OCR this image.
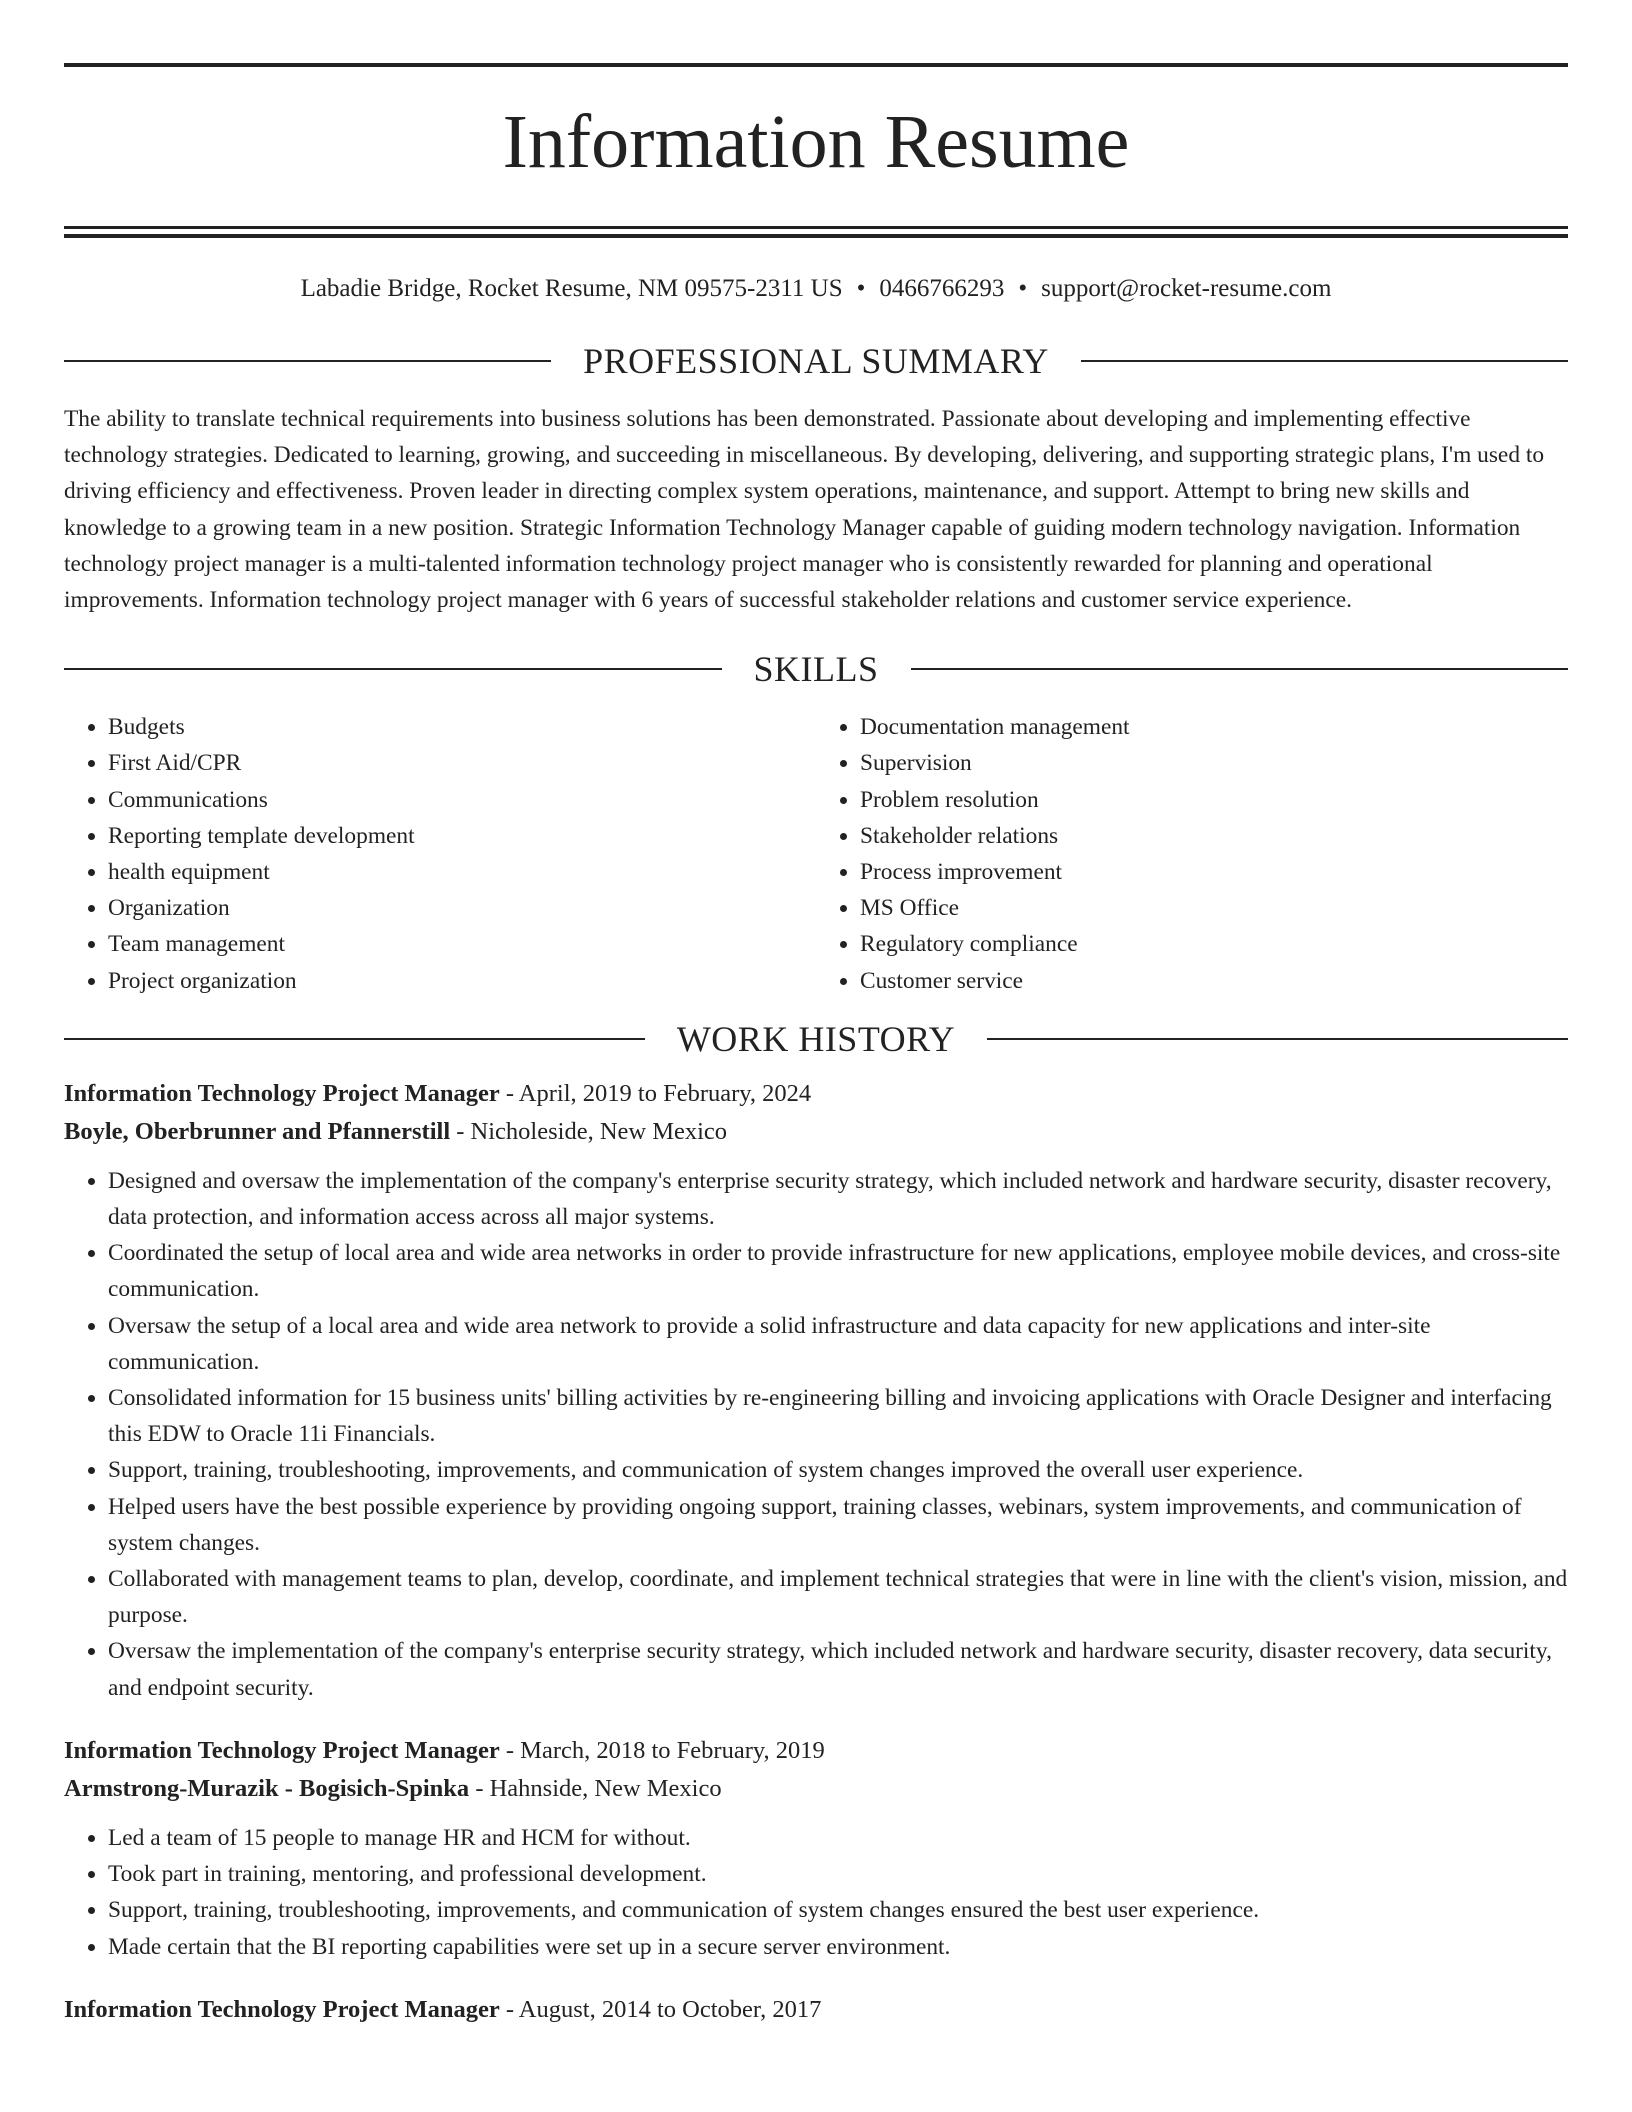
Information Resume
Labadie Bridge, Rocket Resume, NM 09575-2311 US • 0466766293 • support@rocket-resume.com
PROFESSIONAL SUMMARY
The ability to translate technical requirements into business solutions has been demonstrated. Passionate about developing and implementing effective technology strategies. Dedicated to learning, growing, and succeeding in miscellaneous. By developing, delivering, and supporting strategic plans, I'm used to driving efficiency and effectiveness. Proven leader in directing complex system operations, maintenance, and support. Attempt to bring new skills and knowledge to a growing team in a new position. Strategic Information Technology Manager capable of guiding modern technology navigation. Information technology project manager is a multi-talented information technology project manager who is consistently rewarded for planning and operational improvements. Information technology project manager with 6 years of successful stakeholder relations and customer service experience.
SKILLS
• Budgets
• First Aid/CPR
• Communications
• Reporting template development
• health equipment
• Organization
• Team management
• Project organization
• Documentation management
• Supervision
• Problem resolution
• Stakeholder relations
• Process improvement
• MS Office
• Regulatory compliance
• Customer service
WORK HISTORY
Information Technology Project Manager - April, 2019 to February, 2024
Boyle, Oberbrunner and Pfannerstill - Nicholeside, New Mexico
• Designed and oversaw the implementation of the company's enterprise security strategy, which included network and hardware security, disaster recovery, data protection, and information access across all major systems.
• Coordinated the setup of local area and wide area networks in order to provide infrastructure for new applications, employee mobile devices, and cross-site communication.
• Oversaw the setup of a local area and wide area network to provide a solid infrastructure and data capacity for new applications and inter-site communication.
• Consolidated information for 15 business units' billing activities by re-engineering billing and invoicing applications with Oracle Designer and interfacing this EDW to Oracle 11i Financials.
• Support, training, troubleshooting, improvements, and communication of system changes improved the overall user experience.
• Helped users have the best possible experience by providing ongoing support, training classes, webinars, system improvements, and communication of system changes.
• Collaborated with management teams to plan, develop, coordinate, and implement technical strategies that were in line with the client's vision, mission, and purpose.
• Oversaw the implementation of the company's enterprise security strategy, which included network and hardware security, disaster recovery, data security, and endpoint security.
Information Technology Project Manager - March, 2018 to February, 2019
Armstrong-Murazik - Bogisich-Spinka - Hahnside, New Mexico
• Led a team of 15 people to manage HR and HCM for without.
• Took part in training, mentoring, and professional development.
• Support, training, troubleshooting, improvements, and communication of system changes ensured the best user experience.
• Made certain that the BI reporting capabilities were set up in a secure server environment.
Information Technology Project Manager - August, 2014 to October, 2017
